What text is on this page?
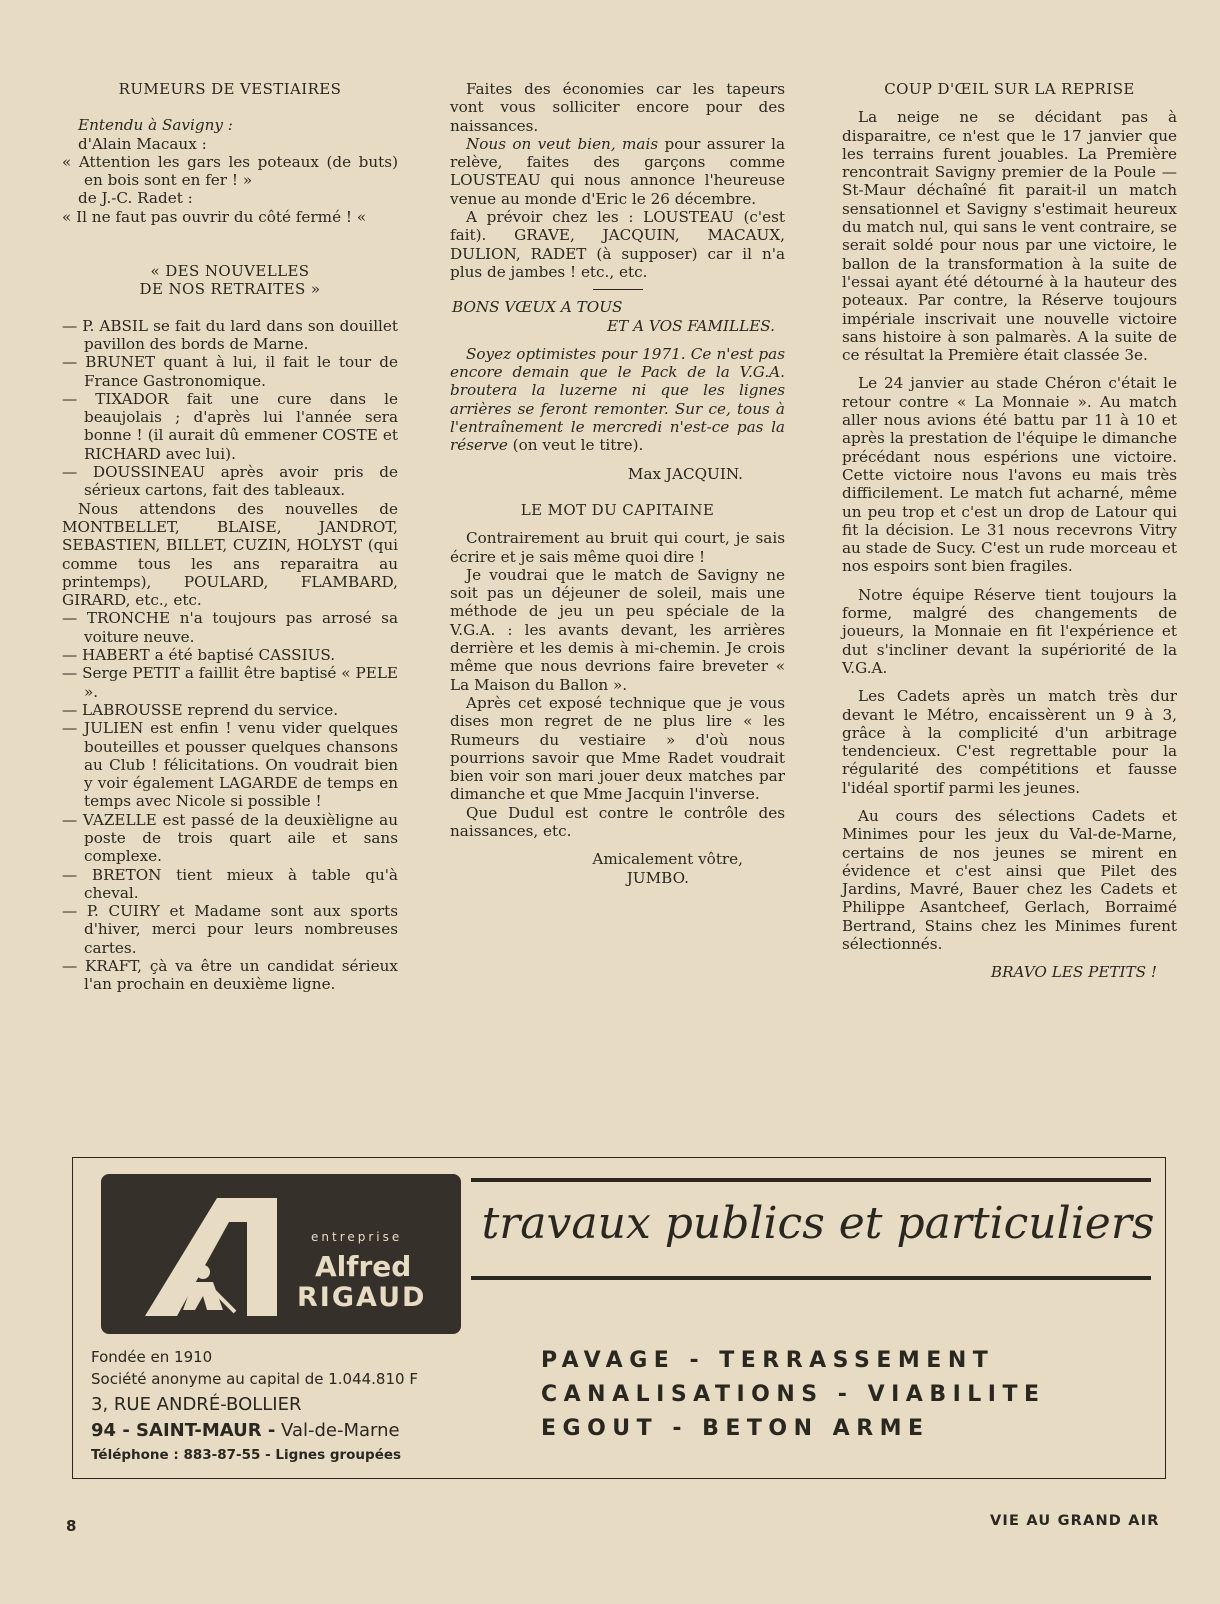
RUMEURS DE VESTIAIRES

Entendu à Savigny :

d'Alain Macaux :

« Attention les gars les poteaux (de buts) en bois sont en fer ! »

de J.-C. Radet :

« Il ne faut pas ouvrir du côté fermé ! «

« DES NOUVELLES

DE NOS RETRAITES »

— P. ABSIL se fait du lard dans son douillet pavillon des bords de Marne.

— BRUNET quant à lui, il fait le tour de France Gastronomique.

— TIXADOR fait une cure dans le beaujolais ; d'après lui l'année sera bonne ! (il aurait dû emmener COSTE et RICHARD avec lui).

— DOUSSINEAU après avoir pris de sérieux cartons, fait des tableaux.

Nous attendons des nouvelles de MONTBELLET, BLAISE, JANDROT, SEBASTIEN, BILLET, CUZIN, HOLYST (qui comme tous les ans reparaitra au printemps), POULARD, FLAMBARD, GIRARD, etc., etc.

— TRONCHE n'a toujours pas arrosé sa voiture neuve.

— HABERT a été baptisé CASSIUS.

— Serge PETIT a faillit être baptisé « PELE ».

— LABROUSSE reprend du service.

— JULIEN est enfin ! venu vider quelques bouteilles et pousser quelques chansons au Club ! félicitations. On voudrait bien y voir également LAGARDE de temps en temps avec Nicole si possible !

— VAZELLE est passé de la deuxièligne au poste de trois quart aile et sans complexe.

— BRETON tient mieux à table qu'à cheval.

— P. CUIRY et Madame sont aux sports d'hiver, merci pour leurs nombreuses cartes.

— KRAFT, çà va être un candidat sérieux l'an prochain en deuxième ligne.

Faites des économies car les tapeurs vont vous solliciter encore pour des naissances.

Nous on veut bien, mais pour assurer la relève, faites des garçons comme LOUSTEAU qui nous annonce l'heureuse venue au monde d'Eric le 26 décembre.

A prévoir chez les : LOUSTEAU (c'est fait). GRAVE, JACQUIN, MACAUX, DULION, RADET (à supposer) car il n'a plus de jambes ! etc., etc.

BONS VŒUX A TOUS

ET A VOS FAMILLES.

Soyez optimistes pour 1971. Ce n'est pas encore demain que le Pack de la V.G.A. broutera la luzerne ni que les lignes arrières se feront remonter. Sur ce, tous à l'entraînement le mercredi n'est-ce pas la réserve (on veut le titre).

Max JACQUIN.

LE MOT DU CAPITAINE

Contrairement au bruit qui court, je sais écrire et je sais même quoi dire !

Je voudrai que le match de Savigny ne soit pas un déjeuner de soleil, mais une méthode de jeu un peu spéciale de la V.G.A. : les avants devant, les arrières derrière et les demis à mi-chemin. Je crois même que nous devrions faire breveter « La Maison du Ballon ».

Après cet exposé technique que je vous dises mon regret de ne plus lire « les Rumeurs du vestiaire » d'où nous pourrions savoir que Mme Radet voudrait bien voir son mari jouer deux matches par dimanche et que Mme Jacquin l'inverse.

Que Dudul est contre le contrôle des naissances, etc.

Amicalement vôtre,

JUMBO.

COUP D'ŒIL SUR LA REPRISE

La neige ne se décidant pas à disparaitre, ce n'est que le 17 janvier que les terrains furent jouables. La Première rencontrait Savigny premier de la Poule — St-Maur déchaîné fit parait-il un match sensationnel et Savigny s'estimait heureux du match nul, qui sans le vent contraire, se serait soldé pour nous par une victoire, le ballon de la transformation à la suite de l'essai ayant été détourné à la hauteur des poteaux. Par contre, la Réserve toujours impériale inscrivait une nouvelle victoire sans histoire à son palmarès. A la suite de ce résultat la Première était classée 3e.

Le 24 janvier au stade Chéron c'était le retour contre « La Monnaie ». Au match aller nous avions été battu par 11 à 10 et après la prestation de l'équipe le dimanche précédant nous espérions une victoire. Cette victoire nous l'avons eu mais très difficilement. Le match fut acharné, même un peu trop et c'est un drop de Latour qui fit la décision. Le 31 nous recevrons Vitry au stade de Sucy. C'est un rude morceau et nos espoirs sont bien fragiles.

Notre équipe Réserve tient toujours la forme, malgré des changements de joueurs, la Monnaie en fit l'expérience et dut s'incliner devant la supériorité de la V.G.A.

Les Cadets après un match très dur devant le Métro, encaissèrent un 9 à 3, grâce à la complicité d'un arbitrage tendencieux. C'est regrettable pour la régularité des compétitions et fausse l'idéal sportif parmi les jeunes.

Au cours des sélections Cadets et Minimes pour les jeux du Val-de-Marne, certains de nos jeunes se mirent en évidence et c'est ainsi que Pilet des Jardins, Mavré, Bauer chez les Cadets et Philippe Asantcheef, Gerlach, Borraimé Bertrand, Stains chez les Minimes furent sélectionnés.

BRAVO LES PETITS !

entreprise
Alfred
RIGAUD
travaux publics et particuliers
Fondée en 1910
Société anonyme au capital de 1.044.810 F
3, RUE ANDRÉ-BOLLIER
94 - SAINT-MAUR - Val-de-Marne
Téléphone : 883-87-55 - Lignes groupées
PAVAGE - TERRASSEMENT
CANALISATIONS - VIABILITE
EGOUT - BETON ARME
8	VIE AU GRAND AIR
